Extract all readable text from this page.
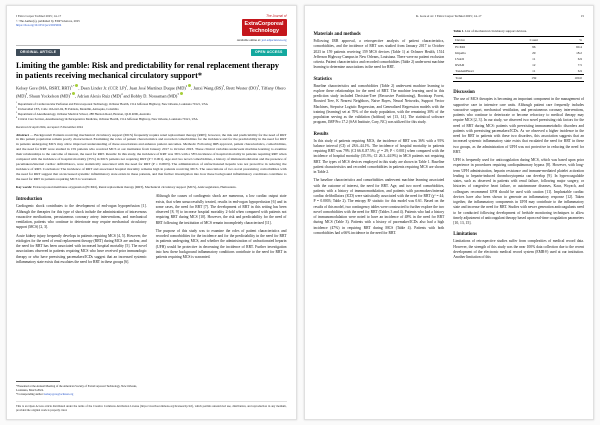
J Extra Corpor Technol 2025; 14–17
© The Author(s), published by EDP Sciences, 2025
https://doi.org/10.1051/ject/2025004
The Journal of
ExtraCorporeal
Technology
Available online at: ject.edpsciences.org
ORIGINAL ARTICLE	OPEN ACCESS
Limiting the gamble: Risk and predictability for renal replacement therapy in patients receiving mechanical circulatory support*
Kelsey Gore (MA, BSRT, RRT)$^{1,*}$ , Dean Linder Jr. (CCP, LP)$^1$, Juan José Martínez Duque (MD)$^2$ , Junxi Wang (BS)$^3$, Brett Wester (DO)$^3$, Tiffany Obero (MD)$^3$, Shaun Yockelson (MD)$^3$ , Adrian Alexis Ruiz (MD)$^4$ and Bobby D. Nossaman (MD)$^3$
$^1$ Department of Cardiovascular Perfusion and Extracorporeal Technology, Ochsner Health, 1514 Jefferson Highway, New Orleans, Louisiana 70121, USA
$^2$ Universidad CES, Calle 10A #22-04, El Poblado, Medellín, Antioquia, Colombia
$^3$ Department of Anesthesiology, Ochsner Medical School, 288 Herston Road, Herston, QLD 4006, Australia
$^4$ Critical Care Section, Anesthesiology & Perioperative Medicine, Ochsner Health, 1514 Jefferson Highway, New Orleans, Louisiana 70121, USA
Received 22 April 2024, Accepted 15 December 2024
Abstract — Background: Patients receiving mechanical circulatory support (MCS) frequently require renal replacement therapy (RRT); however, the risk and predictability for the need of RRT in this patient population remain poorly characterized. Examining the roles of patient characteristics and recorded comorbidities for the incidence and for the predictability in the need for RRT in patients undergoing MCS may allow improved understanding of these associations and enhance patient outcomes. Methods: Following IRB approval, patient characteristics, comorbidities, and the need for RRT were studied in 159 patients who received MCS at our institution from January 2017 to October 2023. These clinical variables underwent machine learning to examine their relationships to the outcome of interest, the need for RRT. Results: In this study, the incidence of RRT was 36% with a 58% incidence of hospital mortality in patients requiring RRT when compared with the incidence of hospital mortality (35%) in MCS patients not requiring RRT (P < 0.001). Age and two novel comorbidities, a history of immunomodulation and the presence of pacemakers/internal cardiac defibrillators, were statistically associated with the need for RRT (P = 0.0003). The administration of unfractionated heparin was not protective in reducing the incidence of RRT. Conclusion: The incidence of RRT and associated hospital mortality remains high in patients receiving MCS. The associations of two novel preexisting comorbidities with the need for RRT suggest that an increased systemic inflammatory state exists in these patients, and that further investigation into how these background inflammatory conditions contribute to the need for RRT in patients requiring MCS is warranted.
Key words: Extracorporeal membrane oxygenation (ECMO), Renal replacement therapy (RRT), Mechanical circulatory support (MCS), Anticoagulation, Hemostasis.
Introduction

Cardiogenic shock contributes to the development of end-organ hypoperfusion [1]. Although the therapies for this type of shock include the administration of intravenous vasoactive medications, percutaneous coronary artery interventions, and mechanical ventilation, patients who continue to deteriorate may require mechanical circulatory support (MCS) [2, 3].

Acute kidney injury frequently develops in patients requiring MCS [4, 5]. However, the etiologies for the need of renal replacement therapy (RRT) during MCS are unclear, and the need for RRT has been associated with increased hospital mortality [5]. The novel associations observed in patients requiring MCS who have received prior immunologic therapy or who have preexisting pacemakers/ICDs suggest that an increased systemic inflammatory state exists that escalates the need for RRT in these groups [6].

*Presented at the Annual Meeting of the American Society of ExtraCorporeal Technology, New Orleans, Louisiana, March 2024.
*Corresponding author: kelsey.gore@ochsner.org

Although the causes of cardiogenic shock are numerous, a low cardiac output state exists, that when unsuccessfully treated, results in end-organ hypoperfusion [6] and in some cases, the need for RRT [7]. The development of RRT in this setting has been observed [8, 9] to increase hospital mortality 2-fold when compared with patients not requiring RRT during MCS [10]. However, the risk and predictability for the need of RRT following the institution of MCS remain incompletely characterized [11].

The purpose of this study was to examine the roles of patient characteristics and recorded comorbidities for the incidence and for the predictability in the need for RRT in patients undergoing MCS, and whether the administration of unfractionated heparin (UFH) would be protective in decreasing the incidence of RRT. Further investigation into how these background inflammatory conditions contribute to the need for RRT in patients requiring MCS is warranted.

This is an Open Access article distributed under the terms of the Creative Commons Attribution License (https://creativecommons.org/licenses/by/4.0), which permits unrestricted use, distribution, and reproduction in any medium, provided the original work is properly cited.
K. Gore et al.: J Extra Corpor Technol 2025; 14–17	15
Materials and methods

Following IRB approval, a retrospective analysis of patient characteristics, comorbidities, and the incidence of RRT was studied from January 2017 to October 2023 in 159 patients receiving 159 MCS devices (Table 1) at Ochsner Health, 1514 Jefferson Highway Campus in New Orleans, Louisiana. There were no patient exclusion criteria. Patient characteristics and recorded comorbidities (Table 2) underwent machine learning to determine associations in the need for RRT.

Statistics

Baseline characteristics and comorbidities (Table 2) underwent machine learning to explore these relationships for the need of RRT. The machine learning used in this prediction study included Decision-Tree (Recursive Partitioning), Bootstrap Forest, Boosted Tree, K Nearest Neighbors, Naive Bayes, Neural Networks, Support Vector Machines, Stepwise Logistic Regression, and Generalized Regression models with the training (learning) set at 70% of the study population, with the remaining 30% of the population serving as the validation (holdout) set [13, 14]. The statistical software program, JMP Pro 17.2 (SAS Institute, Cary, NC) was utilized for this study.

Results

In this study of patients requiring MCS, the incidence of RRT was 36% with a 95% balance interval (CI) of 28.6–44.1%. The incidence of hospital mortality in patients requiring RRT was 79% (CI 66.8–87.5%; χ² = 29; P < 0.001) when compared with the incidence of hospital mortality (35.3%; CI 26.3–44.9%) in MCS patients not requiring RRT. The types of MCS devices employed in this study are shown in Table 1. Baseline patient characteristics and recorded comorbidities in patients requiring MCS are shown in Table 2.

The baseline characteristics and comorbidities underwent machine learning associated with the outcome of interest, the need for RRT. Age, and two novel comorbidities, patients with a history of immunomodulation, and patients with pacemakers/internal cardiac defibrillators (ICD) were statistically associated with the need for RRT (χ² = 44; P = 0.0003; Table 2). The entropy R² statistic for this model was 0.61. Based on the results of this model, two contingency tables were constructed to further explore the two novel comorbidities with the need for RRT (Tables 3 and 4). Patients who had a history of immunomodulation were noted to have an incidence of 48% in the need for RRT during MCS (Table 3). Patients with a history of pacemaker/ICDs also had a high incidence (47%) in requiring RRT during MCS (Table 4). Patients with both comorbidities had a 66% incidence in the need for RRT.

Table 1. List of mechanical circulatory support devices.
Device	Count	%
ECMO	96	60.4
Impella	29	18.2
LVAD	11	6.9
RVAD	12	7.5
TandemHeart	11	6.9
Total	159	100.0
Discussion

The use of MCS therapies is becoming an important component in the management of supportive care in intensive care units. Although patient care frequently includes vasoactive support, mechanical ventilation, and percutaneous coronary interventions, patients who continue to deteriorate or become refractory to medical therapy may require MCS [2, 3]. In our study, we observed two novel preexisting risk factors for the need of RRT during MCS: patients with preexisting immunometabolic disorders and patients with preexisting pacemakers/ICDs. As we observed a higher incidence in the need for RRT in patients with these two disorders, this association suggests that an increased systemic inflammatory state exists that escalated the need for RRT in these two groups, as the administration of UFH was not protective in reducing the need for RRT.

UFH is frequently used for anticoagulation during MCS, which was based upon prior experience in procedures requiring cardiopulmonary bypass [8]. However, with long-term UFH administration, heparin resistance and immune-mediated platelet activation leading to heparin-induced thrombocytopenia can develop [9]. In hypercoagulable states, such as observed in patients with renal failure, following major surgery, or histories of congestive heart failure, or autoimmune diseases, Kaur, Woyach, and colleagues recommend UFH should be used with caution [11]. Implantable cardiac devices have also been shown to generate an inflammatory response [12]. Taken together, the inflammatory components in UFH may contribute to the inflammatory state and increase the need for RRT. Studies with newer generation anticoagulants need to be conducted following development of bedside monitoring techniques to allow timely adjustment of anticoagulant therapy based upon real-time coagulation parameters [10, 13, 15].

Limitations

Limitations of retrospective studies suffer from complexities of medical record data. However, the strength of this study was the near 100% data collection due to the recent development of the electronic medical record system (EMR®) used at our institution. Another limitation of this
